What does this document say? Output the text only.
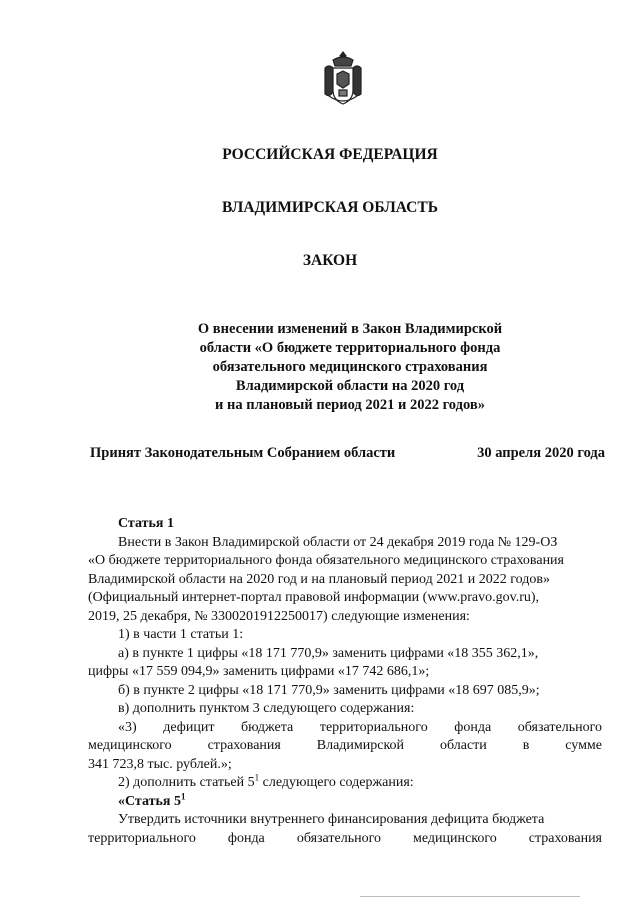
РОССИЙСКАЯ ФЕДЕРАЦИЯ
ВЛАДИМИРСКАЯ ОБЛАСТЬ
ЗАКОН
О внесении изменений в Закон Владимирской
области «О бюджете территориального фонда
обязательного медицинского страхования
Владимирской области на 2020 год
и на плановый период 2021 и 2022 годов»
Принят Законодательным Собранием области	30 апреля 2020 года
Статья 1
Внести в Закон Владимирской области от 24 декабря 2019 года № 129-ОЗ
«О бюджете территориального фонда обязательного медицинского страхования
Владимирской области на 2020 год и на плановый период 2021 и 2022 годов»
(Официальный интернет-портал правовой информации (www.pravo.gov.ru),
2019, 25 декабря, № 3300201912250017) следующие изменения:
1) в части 1 статьи 1:
а) в пункте 1 цифры «18 171 770,9» заменить цифрами «18 355 362,1»,
цифры «17 559 094,9» заменить цифрами «17 742 686,1»;
б) в пункте 2 цифры «18 171 770,9» заменить цифрами «18 697 085,9»;
в) дополнить пунктом 3 следующего содержания:
«3) дефицит бюджета территориального фонда обязательного
медицинского	страхования	Владимирской	области	в	сумме
341 723,8 тыс. рублей.»;
2) дополнить статьей $5^1$ следующего содержания:
«Статья $5^1$
Утвердить источники внутреннего финансирования дефицита бюджета
территориального фонда обязательного медицинского страхования
